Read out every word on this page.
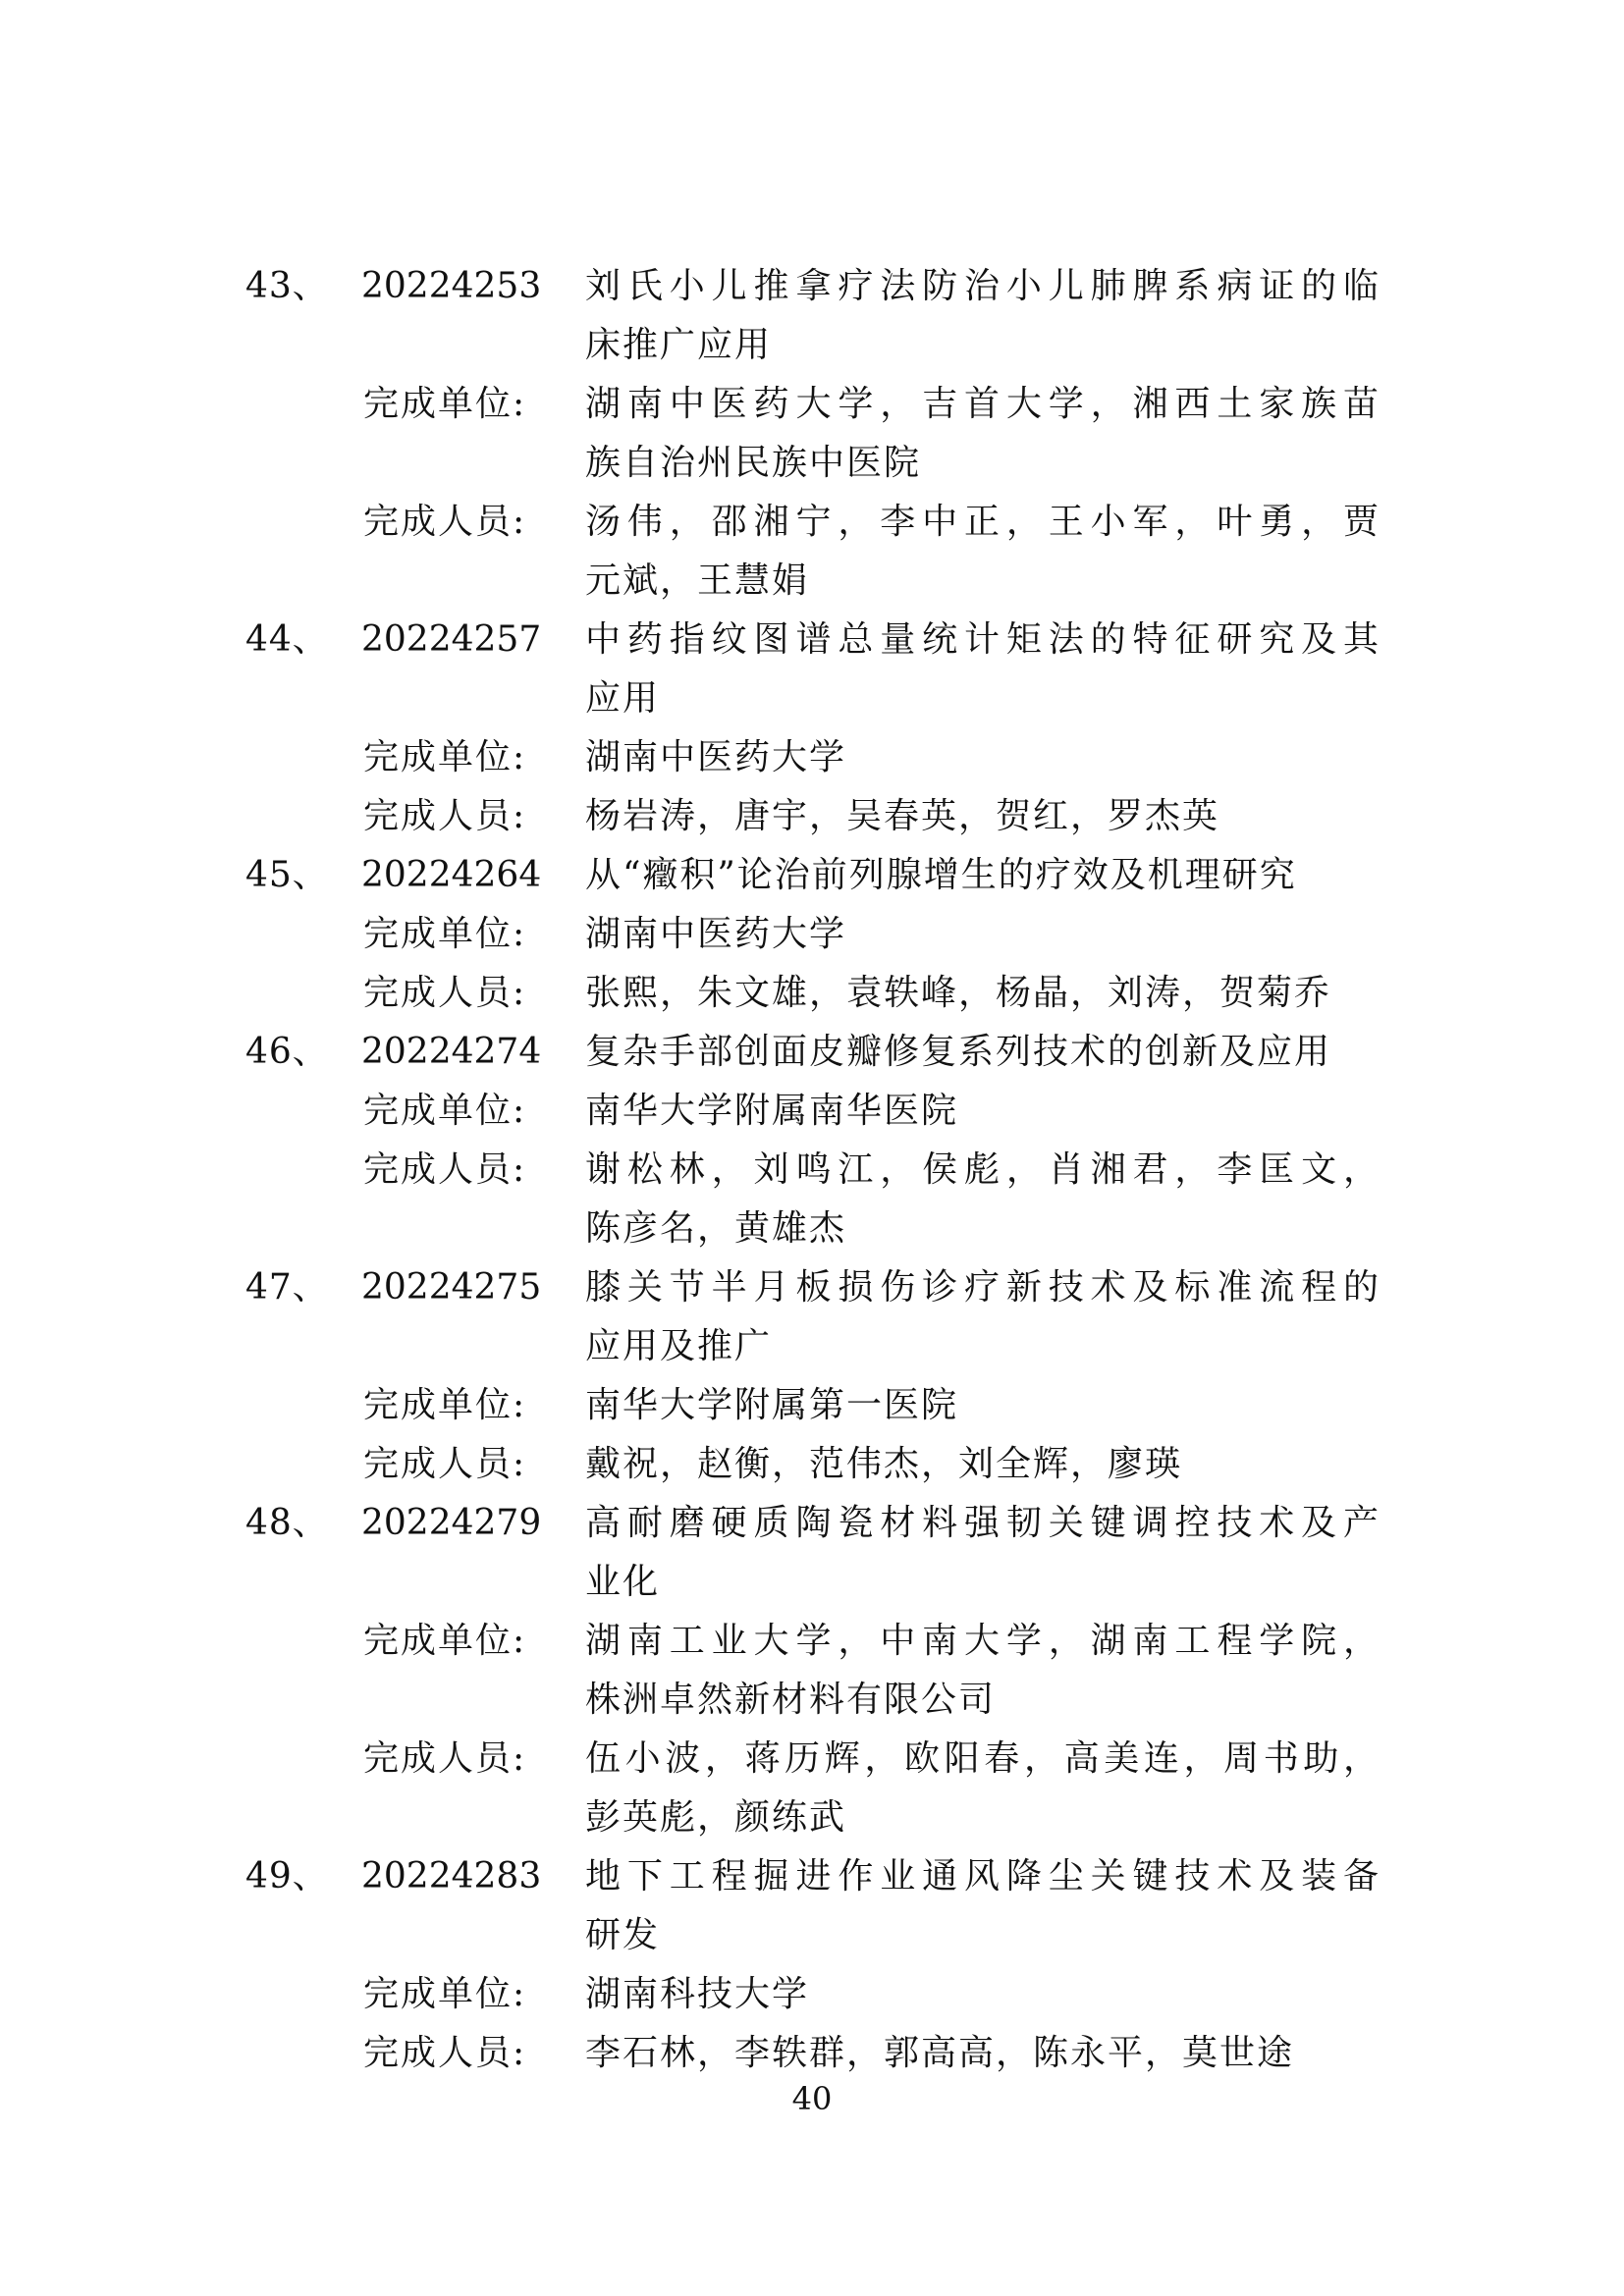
43、 20224253 刘氏小儿推拿疗法防治小儿肺脾系病证的临
床推广应用
完成单位: 湖南中医药大学，吉首大学，湘西土家族苗
族自治州民族中医院
完成人员: 汤伟，邵湘宁，李中正，王小军，叶勇，贾
元斌，王慧娟
44、 20224257 中药指纹图谱总量统计矩法的特征研究及其
应用
完成单位: 湖南中医药大学
完成人员: 杨岩涛，唐宇，吴春英，贺红，罗杰英
45、 20224264 从“癥积”论治前列腺增生的疗效及机理研究
完成单位: 湖南中医药大学
完成人员: 张熙，朱文雄，袁轶峰，杨晶，刘涛，贺菊乔
46、 20224274 复杂手部创面皮瓣修复系列技术的创新及应用
完成单位: 南华大学附属南华医院
完成人员: 谢松林，刘鸣江，侯彪，肖湘君，李匡文，
陈彦名，黄雄杰
47、 20224275 膝关节半月板损伤诊疗新技术及标准流程的
应用及推广
完成单位: 南华大学附属第一医院
完成人员: 戴祝，赵衡，范伟杰，刘全辉，廖瑛
48、 20224279 高耐磨硬质陶瓷材料强韧关键调控技术及产
业化
完成单位: 湖南工业大学，中南大学，湖南工程学院，
株洲卓然新材料有限公司
完成人员: 伍小波，蒋历辉，欧阳春，高美连，周书助，
彭英彪，颜练武
49、 20224283 地下工程掘进作业通风降尘关键技术及装备
研发
完成单位: 湖南科技大学
完成人员: 李石林，李轶群，郭高高，陈永平，莫世途
40
